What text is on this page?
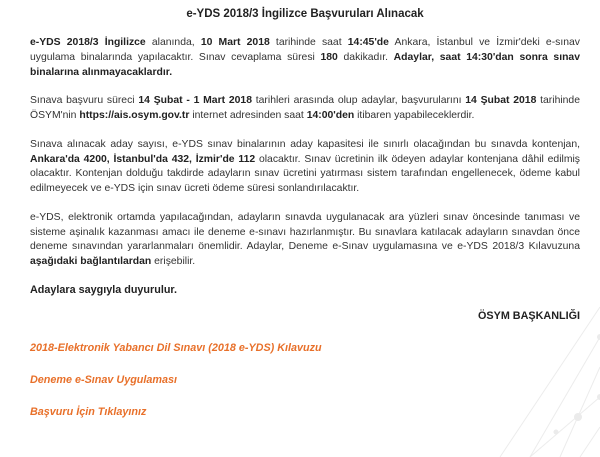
e-YDS 2018/3 İngilizce Başvuruları Alınacak

e-YDS 2018/3 İngilizce alanında, 10 Mart 2018 tarihinde saat 14:45'de Ankara, İstanbul ve İzmir'deki e-sınav uygulama binalarında yapılacaktır. Sınav cevaplama süresi 180 dakikadır. Adaylar, saat 14:30'dan sonra sınav binalarına alınmayacaklardır.

Sınava başvuru süreci 14 Şubat - 1 Mart 2018 tarihleri arasında olup adaylar, başvurularını 14 Şubat 2018 tarihinde ÖSYM'nin https://ais.osym.gov.tr internet adresinden saat 14:00'den itibaren yapabileceklerdir.

Sınava alınacak aday sayısı, e-YDS sınav binalarının aday kapasitesi ile sınırlı olacağından bu sınavda kontenjan, Ankara'da 4200, İstanbul'da 432, İzmir'de 112 olacaktır. Sınav ücretinin ilk ödeyen adaylar kontenjana dâhil edilmiş olacaktır. Kontenjan dolduğu takdirde adayların sınav ücretini yatırması sistem tarafından engellenecek, ödeme kabul edilmeyecek ve e-YDS için sınav ücreti ödeme süresi sonlandırılacaktır.

e-YDS, elektronik ortamda yapılacağından, adayların sınavda uygulanacak ara yüzleri sınav öncesinde tanıması ve sisteme aşinalık kazanması amacı ile deneme e-sınavı hazırlanmıştır. Bu sınavlara katılacak adayların sınavdan önce deneme sınavından yararlanmaları önemlidir. Adaylar, Deneme e-Sınav uygulamasına ve e-YDS 2018/3 Kılavuzuna aşağıdaki bağlantılardan erişebilir.

Adaylara saygıyla duyurulur.
ÖSYM BAŞKANLIĞI
2018-Elektronik Yabancı Dil Sınavı (2018 e-YDS) Kılavuzu
Deneme e-Sınav Uygulaması
Başvuru İçin Tıklayınız
